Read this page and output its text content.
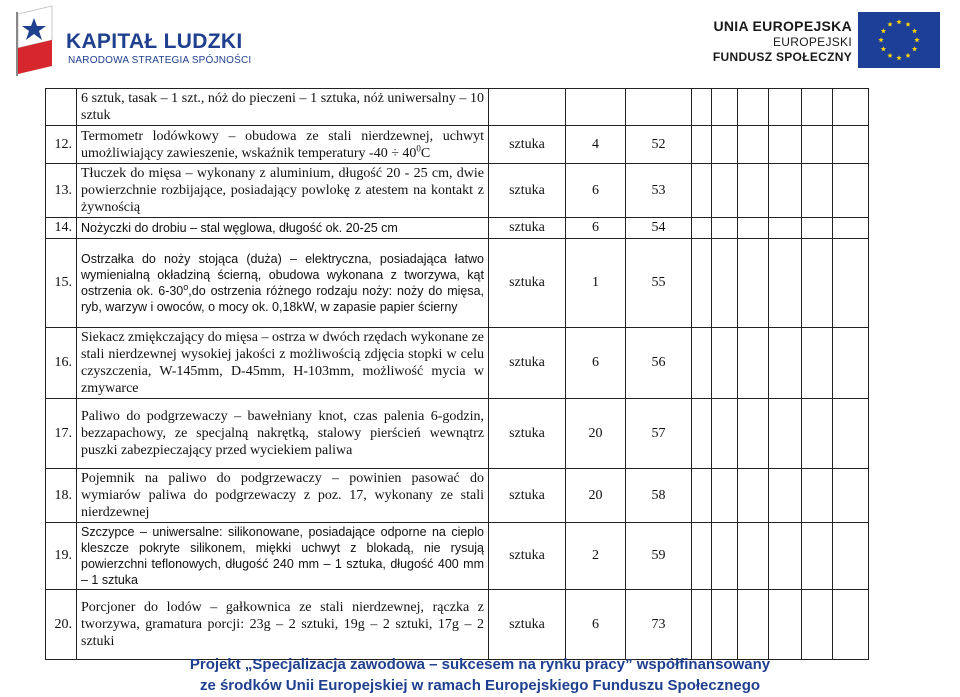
KAPITAŁ LUDZKI
NARODOWA STRATEGIA SPÓJNOŚCI
UNIA EUROPEJSKA
EUROPEJSKI
FUNDUSZ SPOŁECZNY
	6 sztuk, tasak – 1 szt., nóż do pieczeni – 1 sztuka, nóż uniwersalny – 10 sztuk									
12.	Termometr lodówkowy – obudowa ze stali nierdzewnej, uchwyt umożliwiający zawieszenie, wskaźnik temperatury $-40 \div 40^0C$	sztuka	4	52						
13.	Tłuczek do mięsa – wykonany z aluminium, długość 20 - 25 cm, dwie powierzchnie rozbijające, posiadający powlokę z atestem na kontakt z żywnością	sztuka	6	53						
14.	Nożyczki do drobiu – stal węglowa, długość ok. 20-25 cm	sztuka	6	54						
15.	Ostrzałka do noży stojąca (duża) – elektryczna, posiadająca łatwo wymienialną okładziną ścierną, obudowa wykonana z tworzywa, kąt ostrzenia ok. 6-30$^o$,do ostrzenia różnego rodzaju noży: noży do mięsa, ryb, warzyw i owoców, o mocy ok. 0,18kW, w zapasie papier ścierny	sztuka	1	55						
16.	Siekacz zmiękczający do mięsa – ostrza w dwóch rzędach wykonane ze stali nierdzewnej wysokiej jakości z możliwością zdjęcia stopki w celu czyszczenia, W-145mm, D-45mm, H-103mm, możliwość mycia w zmywarce	sztuka	6	56						
17.	Paliwo do podgrzewaczy – bawełniany knot, czas palenia 6-godzin, bezzapachowy, ze specjalną nakrętką, stalowy pierścień wewnątrz puszki zabezpieczający przed wyciekiem paliwa	sztuka	20	57						
18.	Pojemnik na paliwo do podgrzewaczy – powinien pasować do wymiarów paliwa do podgrzewaczy z poz. 17, wykonany ze stali nierdzewnej	sztuka	20	58						
19.	Szczypce – uniwersalne: silikonowane, posiadające odporne na cieplo kleszcze pokryte silikonem, miękki uchwyt z blokadą, nie rysują powierzchni teflonowych, długość 240 mm – 1 sztuka, długość 400 mm – 1 sztuka	sztuka	2	59						
20.	Porcjoner do lodów – gałkownica ze stali nierdzewnej, rączka z tworzywa, gramatura porcji: 23g – 2 sztuki, 19g – 2 sztuki, 17g – 2 sztuki	sztuka	6	73						
Projekt „Specjalizacja zawodowa – sukcesem na rynku pracy” współfinansowany
ze środków Unii Europejskiej w ramach Europejskiego Funduszu Społecznego
